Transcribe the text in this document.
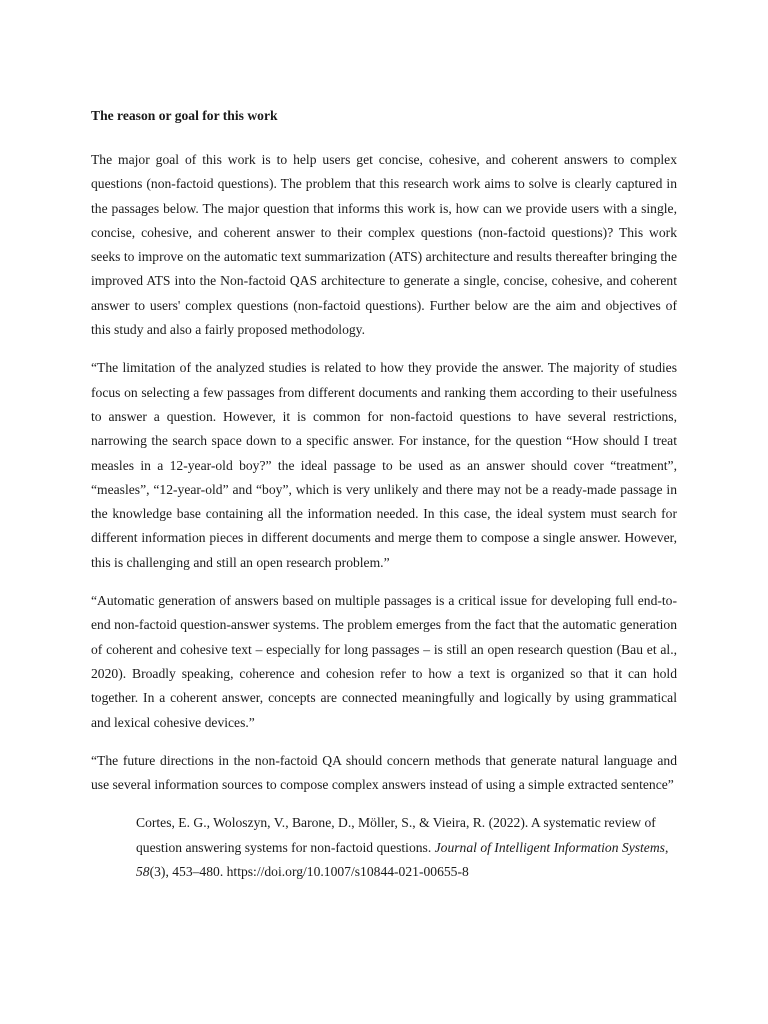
The reason or goal for this work

The major goal of this work is to help users get concise, cohesive, and coherent answers to complex questions (non-factoid questions). The problem that this research work aims to solve is clearly captured in the passages below. The major question that informs this work is, how can we provide users with a single, concise, cohesive, and coherent answer to their complex questions (non-factoid questions)? This work seeks to improve on the automatic text summarization (ATS) architecture and results thereafter bringing the improved ATS into the Non-factoid QAS architecture to generate a single, concise, cohesive, and coherent answer to users' complex questions (non-factoid questions). Further below are the aim and objectives of this study and also a fairly proposed methodology.

“The limitation of the analyzed studies is related to how they provide the answer. The majority of studies focus on selecting a few passages from different documents and ranking them according to their usefulness to answer a question. However, it is common for non-factoid questions to have several restrictions, narrowing the search space down to a specific answer. For instance, for the question “How should I treat measles in a 12-year-old boy?” the ideal passage to be used as an answer should cover “treatment”, “measles”, “12-year-old” and “boy”, which is very unlikely and there may not be a ready-made passage in the knowledge base containing all the information needed. In this case, the ideal system must search for different information pieces in different documents and merge them to compose a single answer. However, this is challenging and still an open research problem.”

“Automatic generation of answers based on multiple passages is a critical issue for developing full end-to-end non-factoid question-answer systems. The problem emerges from the fact that the automatic generation of coherent and cohesive text – especially for long passages – is still an open research question (Bau et al., 2020). Broadly speaking, coherence and cohesion refer to how a text is organized so that it can hold together. In a coherent answer, concepts are connected meaningfully and logically by using grammatical and lexical cohesive devices.”

“The future directions in the non-factoid QA should concern methods that generate natural language and use several information sources to compose complex answers instead of using a simple extracted sentence”

Cortes, E. G., Woloszyn, V., Barone, D., Möller, S., & Vieira, R. (2022). A systematic review of question answering systems for non-factoid questions. Journal of Intelligent Information Systems, 58(3), 453–480. https://doi.org/10.1007/s10844-021-00655-8
